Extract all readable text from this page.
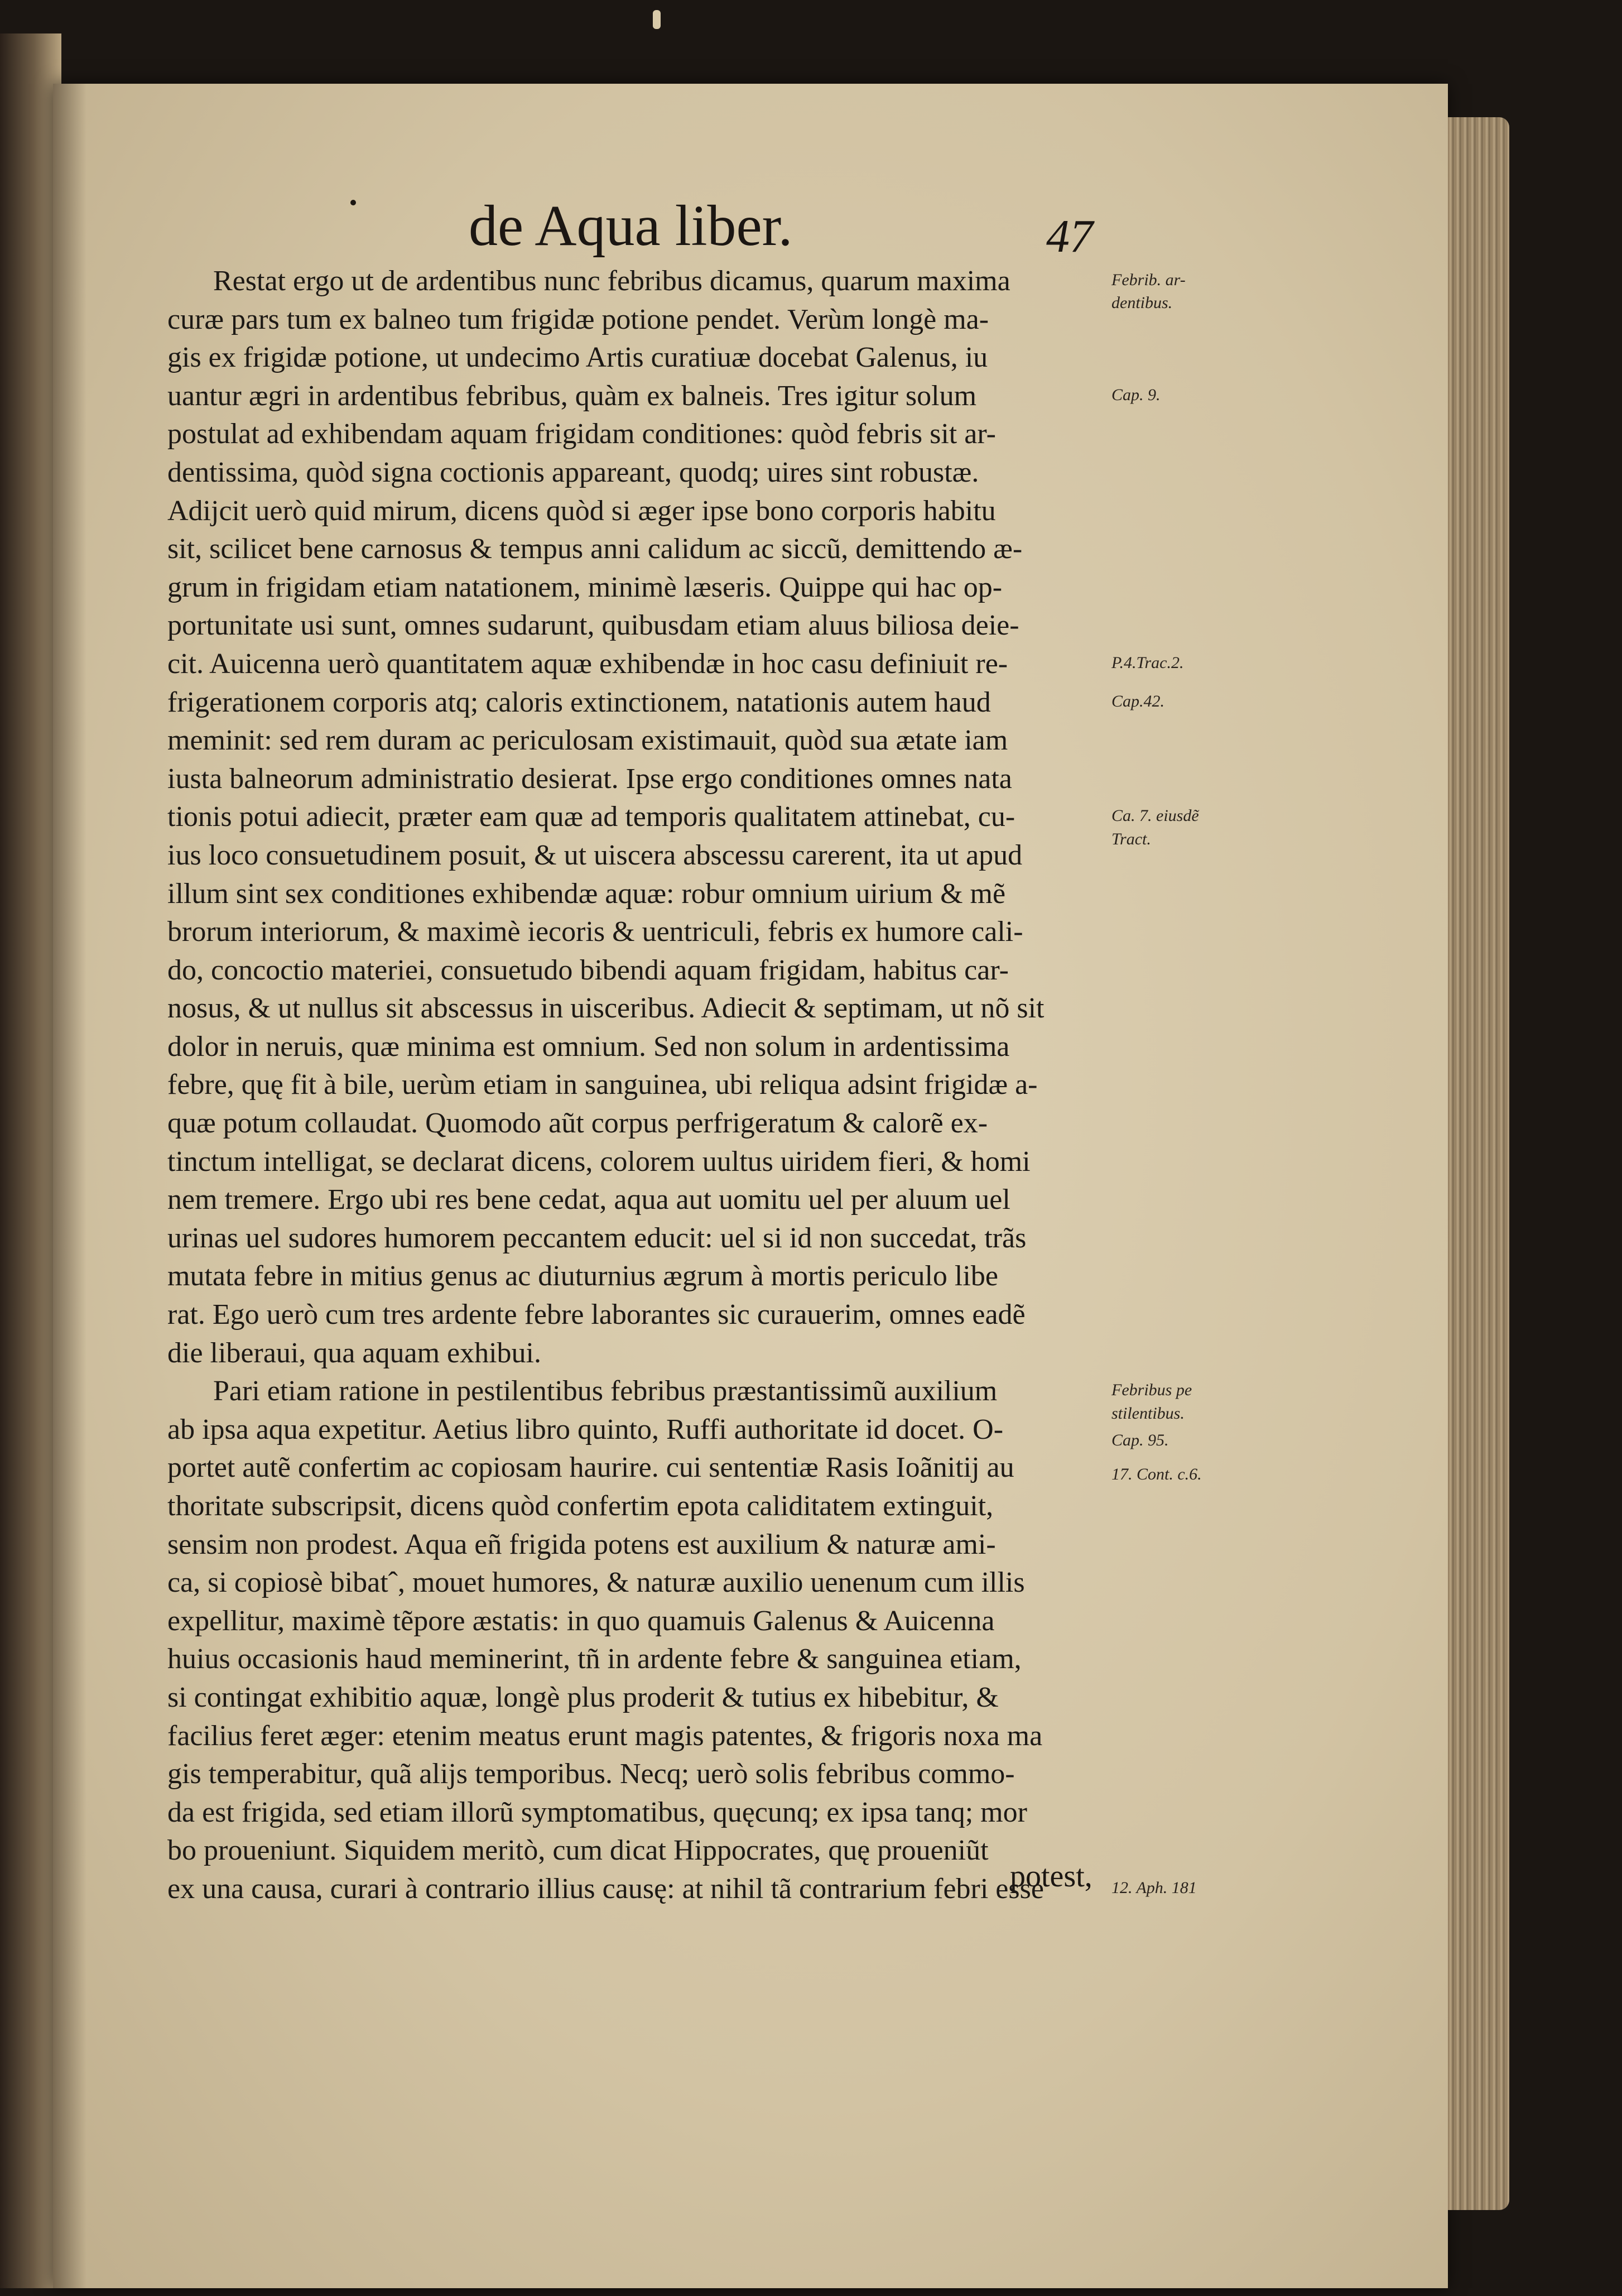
de Aqua liber.	47
Restat ergo ut de ardentibus nunc febribus dicamus, quarum maxima
curæ pars tum ex balneo tum frigidæ potione pendet. Verùm longè ma-
gis ex frigidæ potione, ut undecimo Artis curatiuæ docebat Galenus, iu
uantur ægri in ardentibus febribus, quàm ex balneis. Tres igitur solum
postulat ad exhibendam aquam frigidam conditiones: quòd febris sit ar-
dentissima, quòd signa coctionis appareant, quodq; uires sint robustæ.
Adijcit uerò quid mirum, dicens quòd si æger ipse bono corporis habitu
sit, scilicet bene carnosus & tempus anni calidum ac siccũ, demittendo æ-
grum in frigidam etiam natationem, minimè læseris. Quippe qui hac op-
portunitate usi sunt, omnes sudarunt, quibusdam etiam aluus biliosa deie-
cit. Auicenna uerò quantitatem aquæ exhibendæ in hoc casu definiuit re-
frigerationem corporis atq; caloris extinctionem, natationis autem haud
meminit: sed rem duram ac periculosam existimauit, quòd sua ætate iam
iusta balneorum administratio desierat. Ipse ergo conditiones omnes nata
tionis potui adiecit, præter eam quæ ad temporis qualitatem attinebat, cu-
ius loco consuetudinem posuit, & ut uiscera abscessu carerent, ita ut apud
illum sint sex conditiones exhibendæ aquæ: robur omnium uirium & mẽ
brorum interiorum, & maximè iecoris & uentriculi, febris ex humore cali-
do, concoctio materiei, consuetudo bibendi aquam frigidam, habitus car-
nosus, & ut nullus sit abscessus in uisceribus. Adiecit & septimam, ut nõ sit
dolor in neruis, quæ minima est omnium. Sed non solum in ardentissima
febre, quę fit à bile, uerùm etiam in sanguinea, ubi reliqua adsint frigidæ a-
quæ potum collaudat. Quomodo aũt corpus perfrigeratum & calorẽ ex-
tinctum intelligat, se declarat dicens, colorem uultus uiridem fieri, & homi
nem tremere. Ergo ubi res bene cedat, aqua aut uomitu uel per aluum uel
urinas uel sudores humorem peccantem educit: uel si id non succedat, trãs
mutata febre in mitius genus ac diuturnius ægrum à mortis periculo libe
rat. Ego uerò cum tres ardente febre laborantes sic curauerim, omnes eadẽ
die liberaui, qua aquam exhibui.
Pari etiam ratione in pestilentibus febribus præstantissimũ auxilium
ab ipsa aqua expetitur. Aetius libro quinto, Ruffi authoritate id docet. O-
portet autẽ confertim ac copiosam haurire. cui sententiæ Rasis Ioãnitij au
thoritate subscripsit, dicens quòd confertim epota caliditatem extinguit,
sensim non prodest. Aqua eñ frigida potens est auxilium & naturæ ami-
ca, si copiosè bibatˆ, mouet humores, & naturæ auxilio uenenum cum illis
expellitur, maximè tẽpore æstatis: in quo quamuis Galenus & Auicenna
huius occasionis haud meminerint, tñ in ardente febre & sanguinea etiam,
si contingat exhibitio aquæ, longè plus proderit & tutius ex hibebitur, &
facilius feret æger: etenim meatus erunt magis patentes, & frigoris noxa ma
gis temperabitur, quã alijs temporibus. Necq; uerò solis febribus commo-
da est frigida, sed etiam illorũ symptomatibus, quęcunq; ex ipsa tanq; mor
bo proueniunt. Siquidem meritò, cum dicat Hippocrates, quę proueniũt
ex una causa, curari à contrario illius causę: at nihil tã contrarium febri esse
Febrib. ar-
dentibus.
Cap. 9.
P.4.Trac.2.
Cap.42.
Ca. 7. eiusdẽ
Tract.
Febribus pe
stilentibus.
Cap. 95.
17. Cont. c.6.
12. Aph. 181
potest,
